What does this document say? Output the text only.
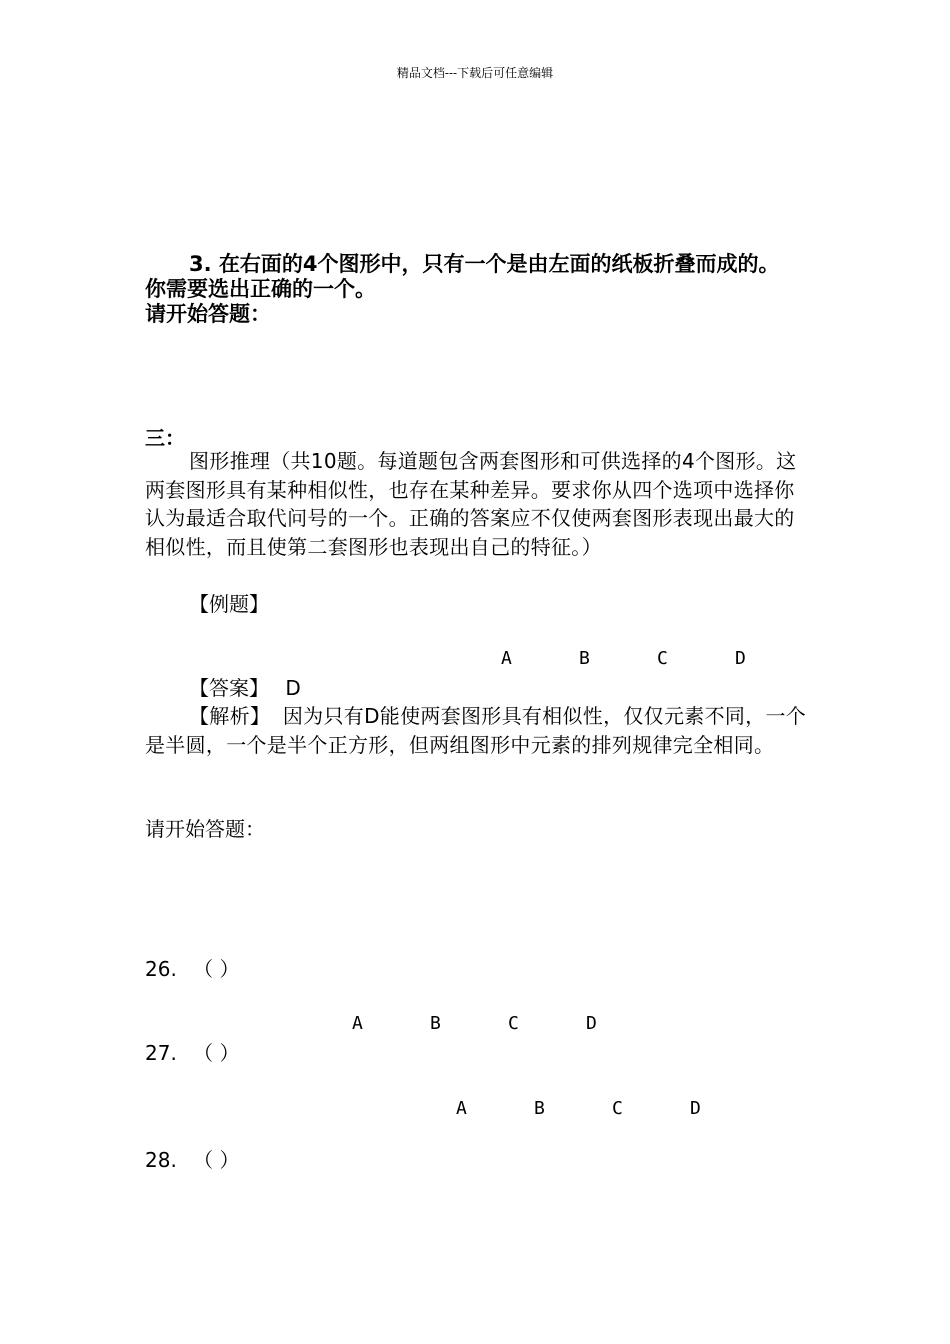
精品文档---下载后可任意编辑
3. 在右面的4个图形中，只有一个是由左面的纸板折叠而成的。
你需要选出正确的一个。
请开始答题：
三：
图形推理（共10题。每道题包含两套图形和可供选择的4个图形。这两套图形具有某种相似性，也存在某种差异。要求你从四个选项中选择你认为最适合取代问号的一个。正确的答案应不仅使两套图形表现出最大的相似性，而且使第二套图形也表现出自己的特征。）
【例题】
A	B	C	D
【答案】 D
【解析】 因为只有D能使两套图形具有相似性，仅仅元素不同，一个是半圆，一个是半个正方形，但两组图形中元素的排列规律完全相同。
请开始答题：
26. （ ）
A	B	C	D
27. （ ）
A	B	C	D
28. （ ）
